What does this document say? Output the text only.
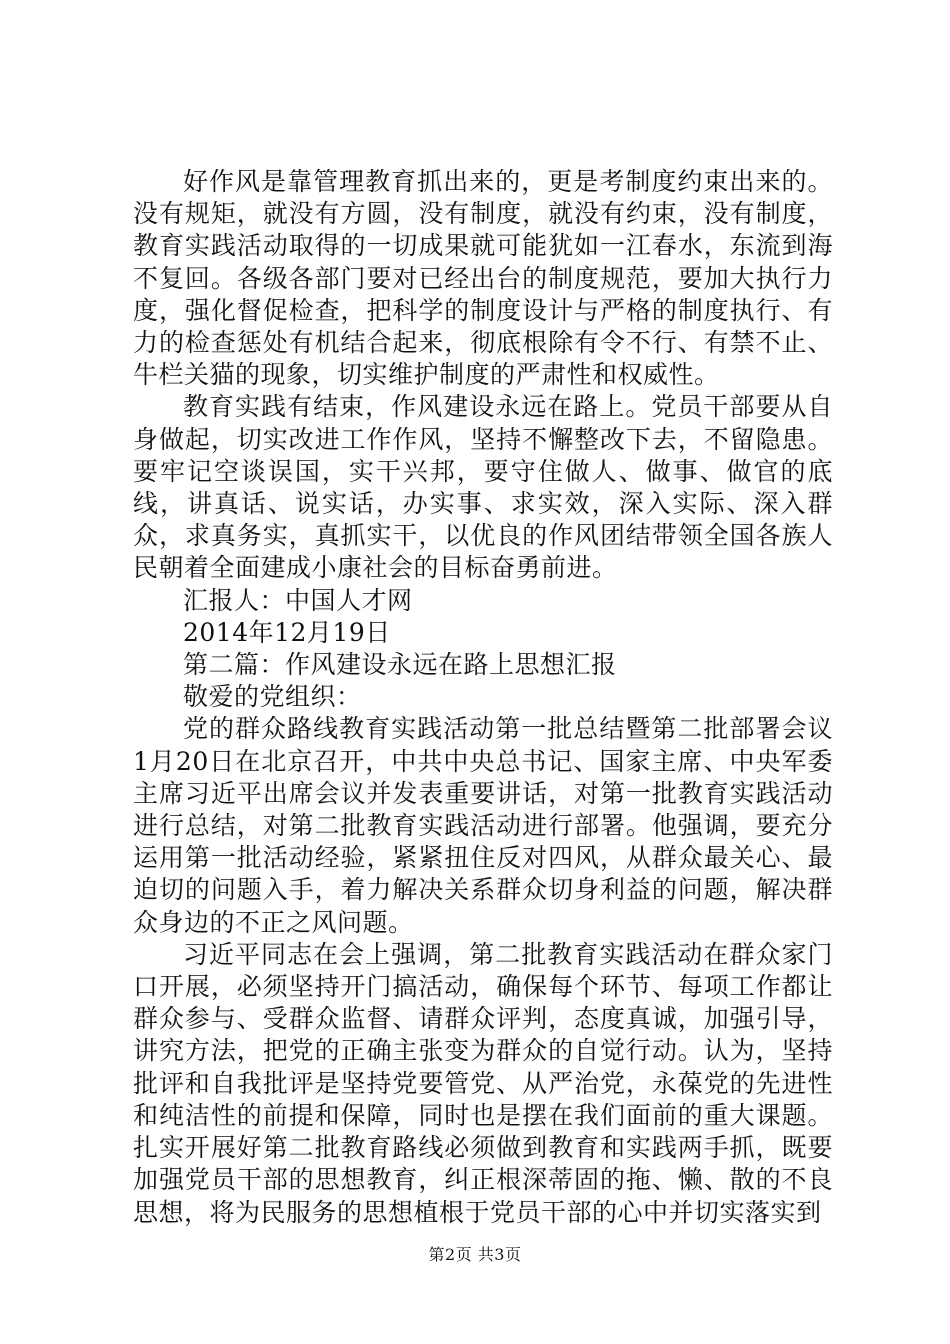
好作风是靠管理教育抓出来的，更是考制度约束出来的。没有规矩，就没有方圆，没有制度，就没有约束，没有制度，教育实践活动取得的一切成果就可能犹如一江春水，东流到海不复回。各级各部门要对已经出台的制度规范，要加大执行力度，强化督促检查，把科学的制度设计与严格的制度执行、有力的检查惩处有机结合起来，彻底根除有令不行、有禁不止、牛栏关猫的现象，切实维护制度的严肃性和权威性。

教育实践有结束，作风建设永远在路上。党员干部要从自身做起，切实改进工作作风，坚持不懈整改下去，不留隐患。要牢记空谈误国，实干兴邦，要守住做人、做事、做官的底线，讲真话、说实话，办实事、求实效，深入实际、深入群众，求真务实，真抓实干，以优良的作风团结带领全国各族人民朝着全面建成小康社会的目标奋勇前进。

汇报人：中国人才网

2014年12月19日

第二篇：作风建设永远在路上思想汇报

敬爱的党组织：

党的群众路线教育实践活动第一批总结暨第二批部署会议1月20日在北京召开，中共中央总书记、国家主席、中央军委主席习近平出席会议并发表重要讲话，对第一批教育实践活动进行总结，对第二批教育实践活动进行部署。他强调，要充分运用第一批活动经验，紧紧扭住反对四风，从群众最关心、最迫切的问题入手，着力解决关系群众切身利益的问题，解决群众身边的不正之风问题。

习近平同志在会上强调，第二批教育实践活动在群众家门口开展，必须坚持开门搞活动，确保每个环节、每项工作都让群众参与、受群众监督、请群众评判，态度真诚，加强引导，讲究方法，把党的正确主张变为群众的自觉行动。认为，坚持批评和自我批评是坚持党要管党、从严治党，永葆党的先进性和纯洁性的前提和保障，同时也是摆在我们面前的重大课题。扎实开展好第二批教育路线必须做到教育和实践两手抓，既要加强党员干部的思想教育，纠正根深蒂固的拖、懒、散的不良思想，将为民服务的思想植根于党员干部的心中并切实落实到

第2页 共3页
